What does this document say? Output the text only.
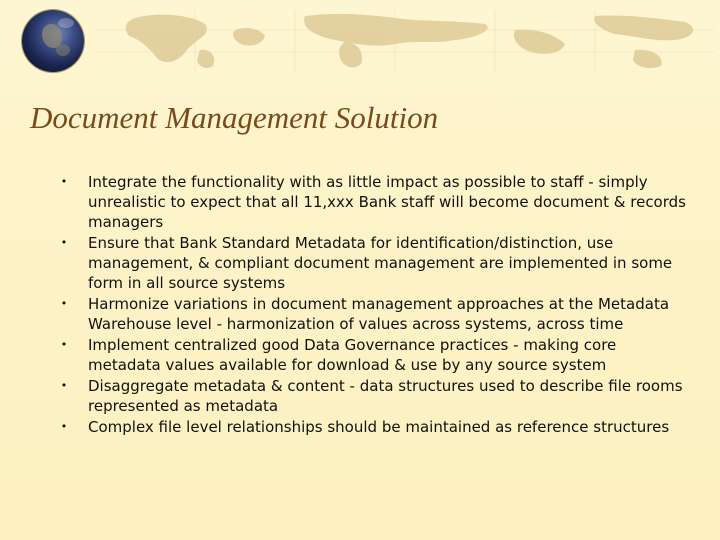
Document Management Solution
• Integrate the functionality with as little impact as possible to staff - simply unrealistic to expect that all 11,xxx Bank staff will become document & records managers
• Ensure that Bank Standard Metadata for identification/distinction, use management, & compliant document management are implemented in some form in all source systems
• Harmonize variations in document management approaches at the Metadata Warehouse level - harmonization of values across systems, across time
• Implement centralized good Data Governance practices - making core metadata values available for download & use by any source system
• Disaggregate metadata & content - data structures used to describe file rooms represented as metadata
• Complex file level relationships should be maintained as reference structures
